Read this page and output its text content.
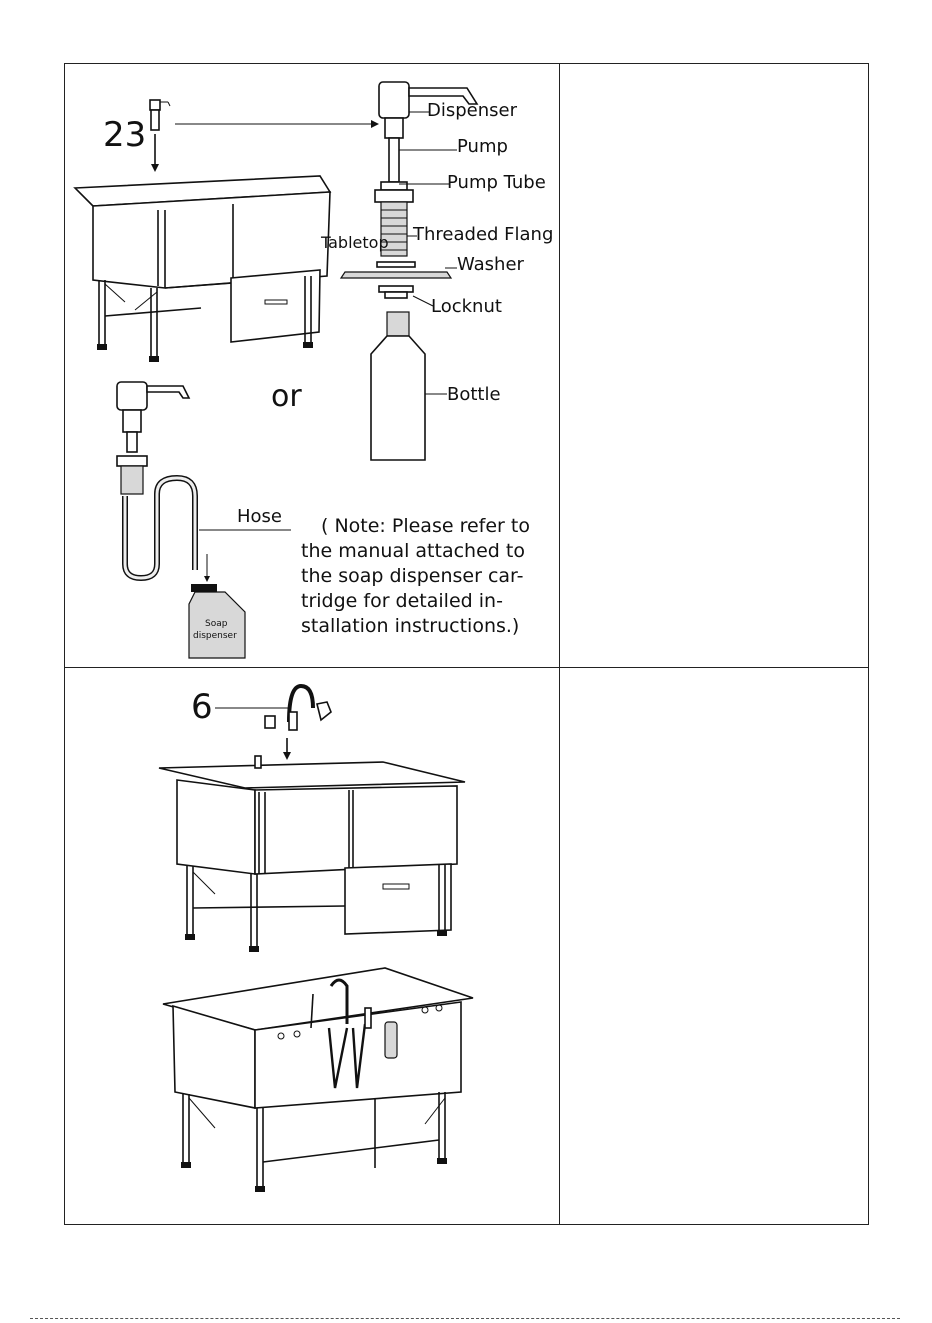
23
Dispenser
Pump
Pump Tube
Threaded Flang
Tabletop
Washer
Locknut
Bottle
or
Soap
dispenser
Hose ( Note: Please refer to
the manual attached to
the soap dispenser car-
tridge for detailed in-
stallation instructions.)
6
